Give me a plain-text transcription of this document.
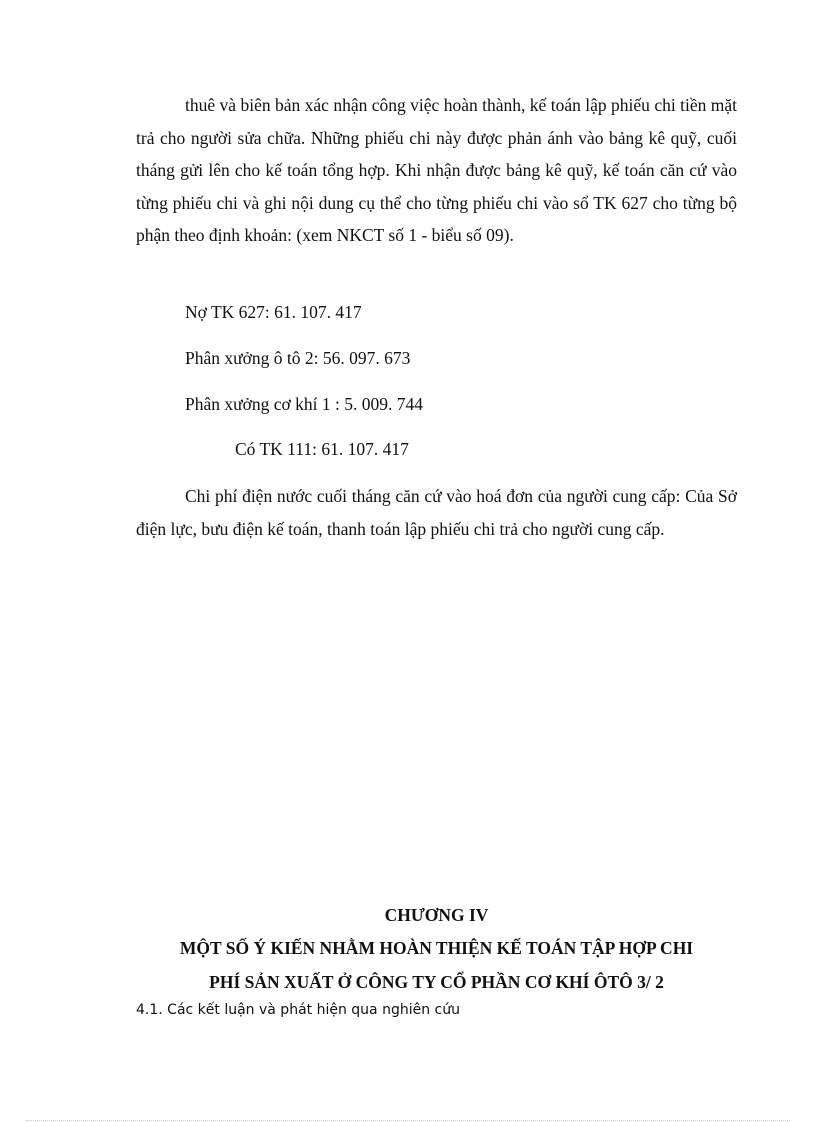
thuê và biên bản xác nhận công việc hoàn thành, kế toán lập phiếu chi tiền mặt trả cho người sửa chữa. Những phiếu chi này được phản ánh vào bảng kê quỹ, cuối tháng gửi lên cho kế toán tổng hợp. Khi nhận được bảng kê quỹ, kế toán căn cứ vào từng phiếu chi và ghi nội dung cụ thể cho từng phiếu chi vào sổ TK 627 cho từng bộ phận theo định khoản: (xem NKCT số 1 - biểu số 09).

Nợ TK 627: 61. 107. 417

Phân xưởng ô tô 2: 56. 097. 673

Phân xưởng cơ khí 1 : 5. 009. 744

Có TK 111: 61. 107. 417

Chi phí điện nước cuối tháng căn cứ vào hoá đơn của người cung cấp: Của Sở điện lực, bưu điện kế toán, thanh toán lập phiếu chi trả cho người cung cấp.

CHƯƠNG IV

MỘT SỐ Ý KIẾN NHẰM HOÀN THIỆN KẾ TOÁN TẬP HỢP CHI

PHÍ SẢN XUẤT Ở CÔNG TY CỔ PHẦN CƠ KHÍ ÔTÔ 3/ 2

4.1. Các kết luận và phát hiện qua nghiên cứu
